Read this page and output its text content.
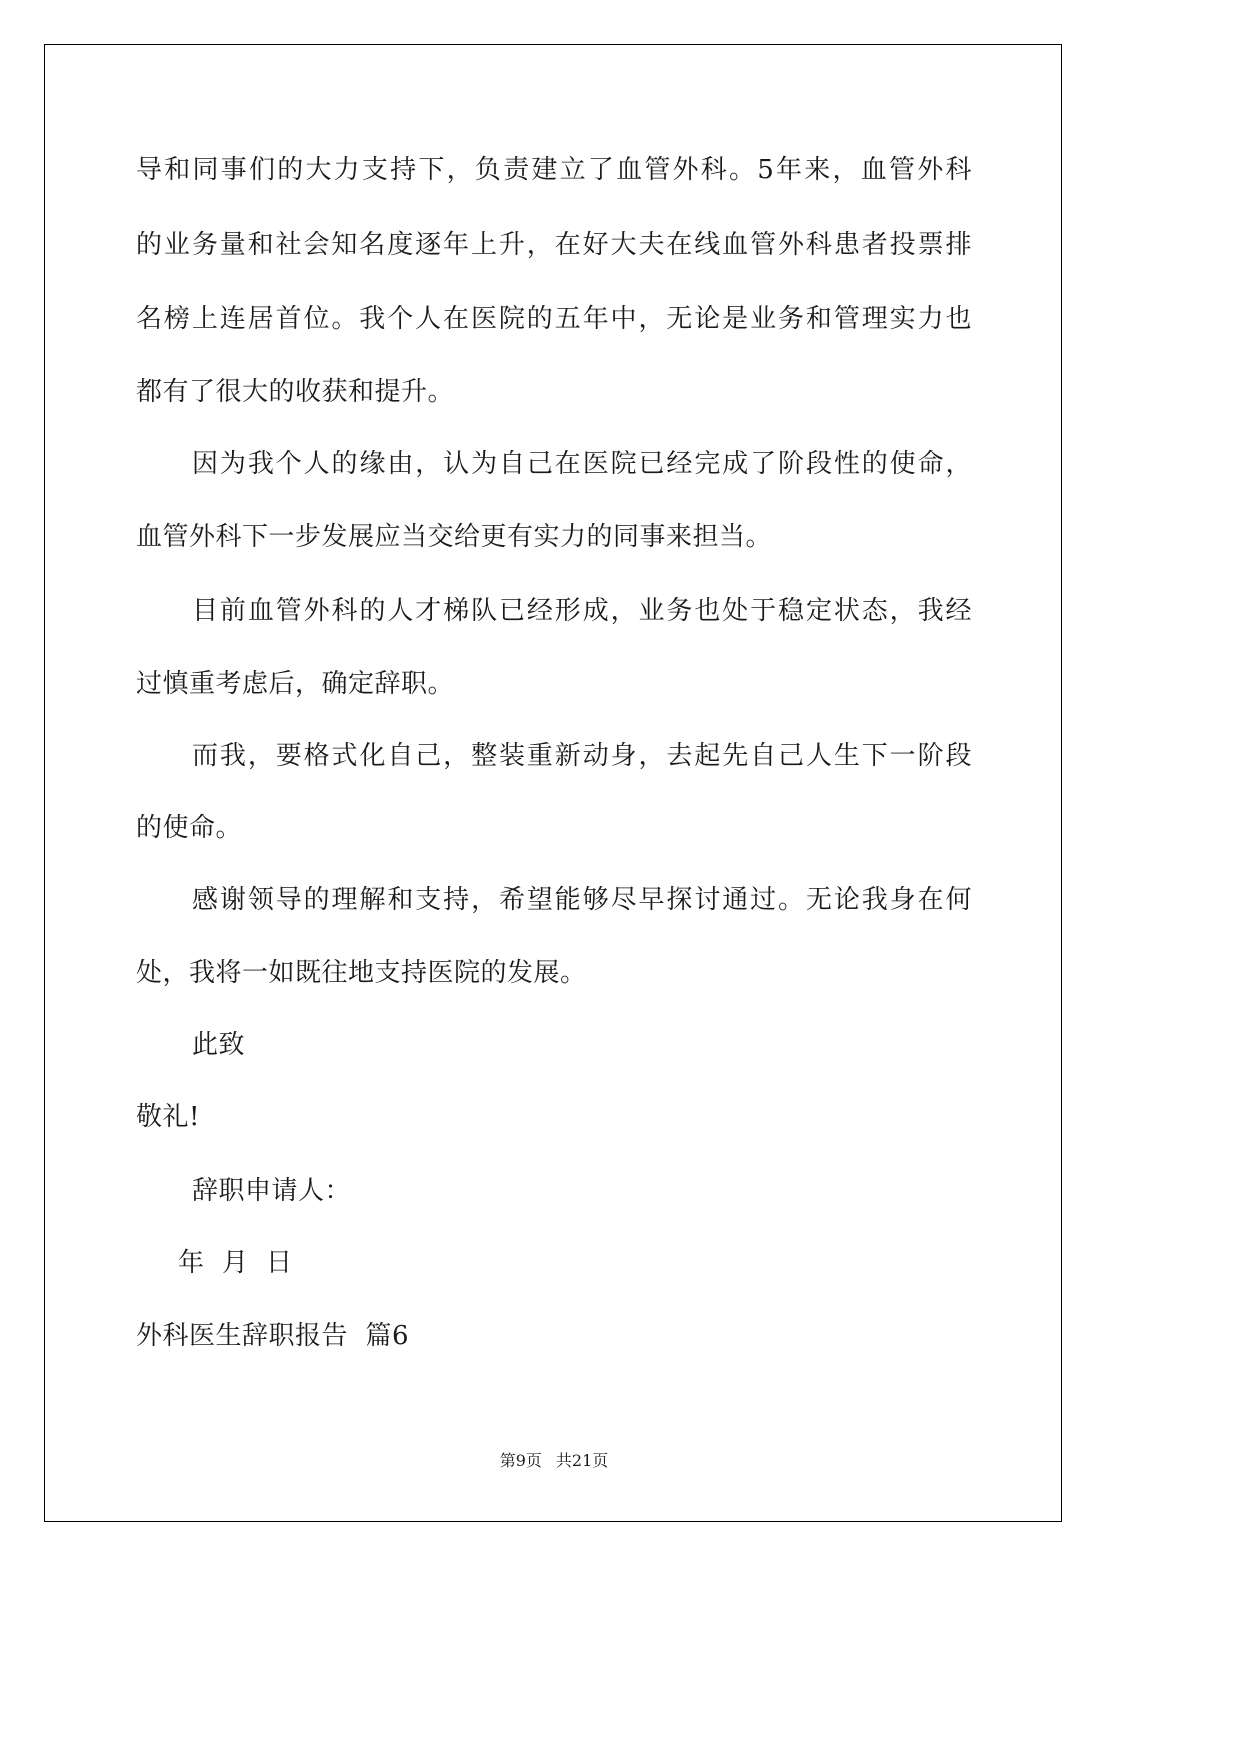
导和同事们的大力支持下，负责建立了血管外科。5年来，血管外科
的业务量和社会知名度逐年上升，在好大夫在线血管外科患者投票排
名榜上连居首位。我个人在医院的五年中，无论是业务和管理实力也
都有了很大的收获和提升。
因为我个人的缘由，认为自己在医院已经完成了阶段性的使命，
血管外科下一步发展应当交给更有实力的同事来担当。
目前血管外科的人才梯队已经形成，业务也处于稳定状态，我经
过慎重考虑后，确定辞职。
而我，要格式化自己，整装重新动身，去起先自己人生下一阶段
的使命。
感谢领导的理解和支持，希望能够尽早探讨通过。无论我身在何
处，我将一如既往地支持医院的发展。
此致
敬礼!
辞职申请人：
年  月  日
外科医生辞职报告  篇6
第9页 共21页
